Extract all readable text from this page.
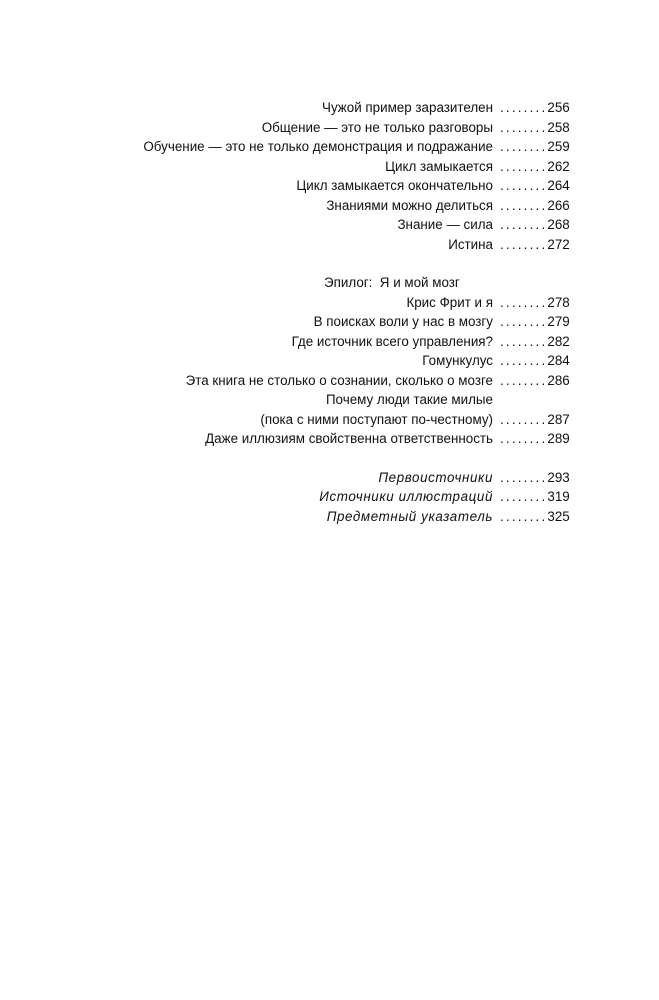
Чужой пример заразителен ........256
Общение — это не только разговоры ........258
Обучение — это не только демонстрация и подражание ........259
Цикл замыкается ........262
Цикл замыкается окончательно ........264
Знаниями можно делиться ........266
Знание — сила ........268
Истина ........272
Эпилог:  Я и мой мозг
Крис Фрит и я ........278
В поисках воли у нас в мозгу ........279
Где источник всего управления? ........282
Гомункулус ........284
Эта книга не столько о сознании, сколько о мозге ........286
Почему люди такие милые
(пока с ними поступают по-честному) ........287
Даже иллюзиям свойственна ответственность ........289
Первоисточники ........293
Источники иллюстраций ........319
Предметный указатель ........325
